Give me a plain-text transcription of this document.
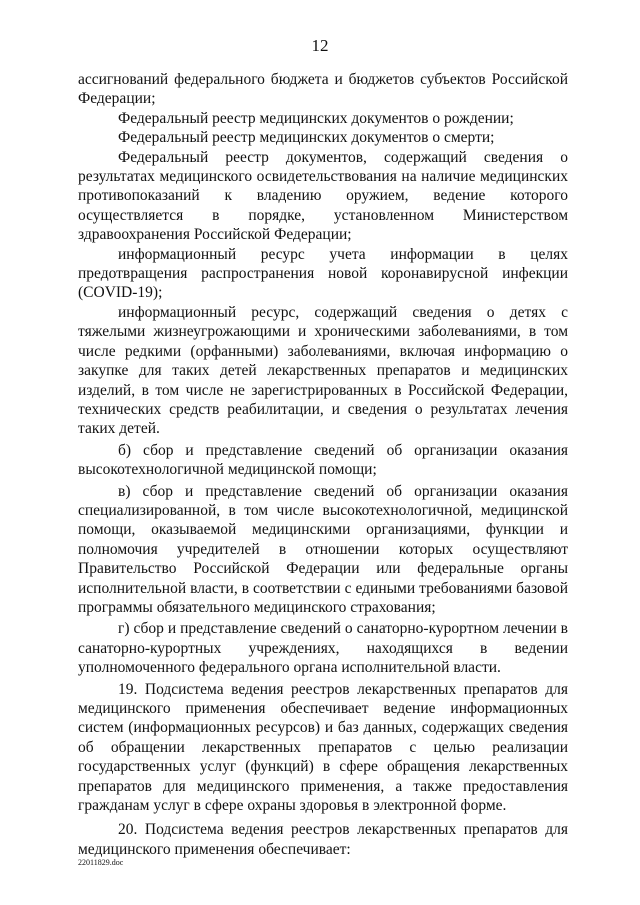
12

ассигнований федерального бюджета и бюджетов субъектов Российской Федерации;

Федеральный реестр медицинских документов о рождении;

Федеральный реестр медицинских документов о смерти;

Федеральный реестр документов, содержащий сведения о результатах медицинского освидетельствования на наличие медицинских противопоказаний к владению оружием, ведение которого осуществляется в порядке, установленном Министерством здравоохранения Российской Федерации;

информационный ресурс учета информации в целях предотвращения распространения новой коронавирусной инфекции (COVID-19);

информационный ресурс, содержащий сведения о детях с тяжелыми жизнеугрожающими и хроническими заболеваниями, в том числе редкими (орфанными) заболеваниями, включая информацию о закупке для таких детей лекарственных препаратов и медицинских изделий, в том числе не зарегистрированных в Российской Федерации, технических средств реабилитации, и сведения о результатах лечения таких детей.

б) сбор и представление сведений об организации оказания высокотехнологичной медицинской помощи;

в) сбор и представление сведений об организации оказания специализированной, в том числе высокотехнологичной, медицинской помощи, оказываемой медицинскими организациями, функции и полномочия учредителей в отношении которых осуществляют Правительство Российской Федерации или федеральные органы исполнительной власти, в соответствии с едиными требованиями базовой программы обязательного медицинского страхования;

г) сбор и представление сведений о санаторно-курортном лечении в санаторно-курортных учреждениях, находящихся в ведении уполномоченного федерального органа исполнительной власти.

19. Подсистема ведения реестров лекарственных препаратов для медицинского применения обеспечивает ведение информационных систем (информационных ресурсов) и баз данных, содержащих сведения об обращении лекарственных препаратов с целью реализации государственных услуг (функций) в сфере обращения лекарственных препаратов для медицинского применения, а также предоставления гражданам услуг в сфере охраны здоровья в электронной форме.

20. Подсистема ведения реестров лекарственных препаратов для медицинского применения обеспечивает:

22011829.doc
